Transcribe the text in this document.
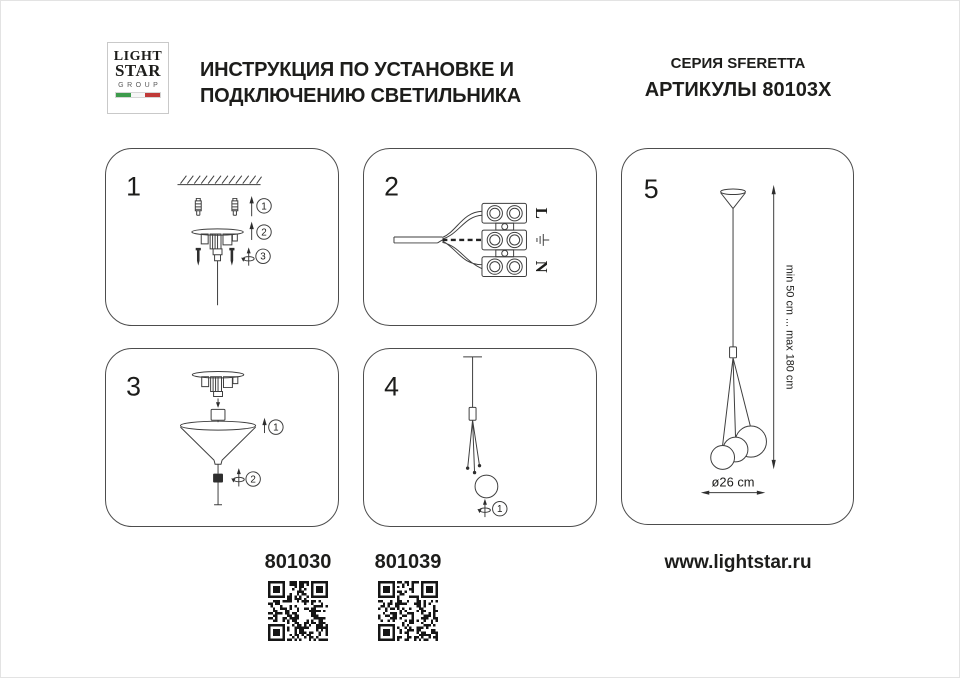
LIGHT
STAR
GROUP
ИНСТРУКЦИЯ ПО УСТАНОВКЕ И
ПОДКЛЮЧЕНИЮ СВЕТИЛЬНИКА
СЕРИЯ SFERETTA
АРТИКУЛЫ 80103X
1
1
2
3
2
L
N
3
1
2
4
1
5
min 50 cm ... max 180 cm
ø26 cm
801030	801039	www.lightstar.ru
